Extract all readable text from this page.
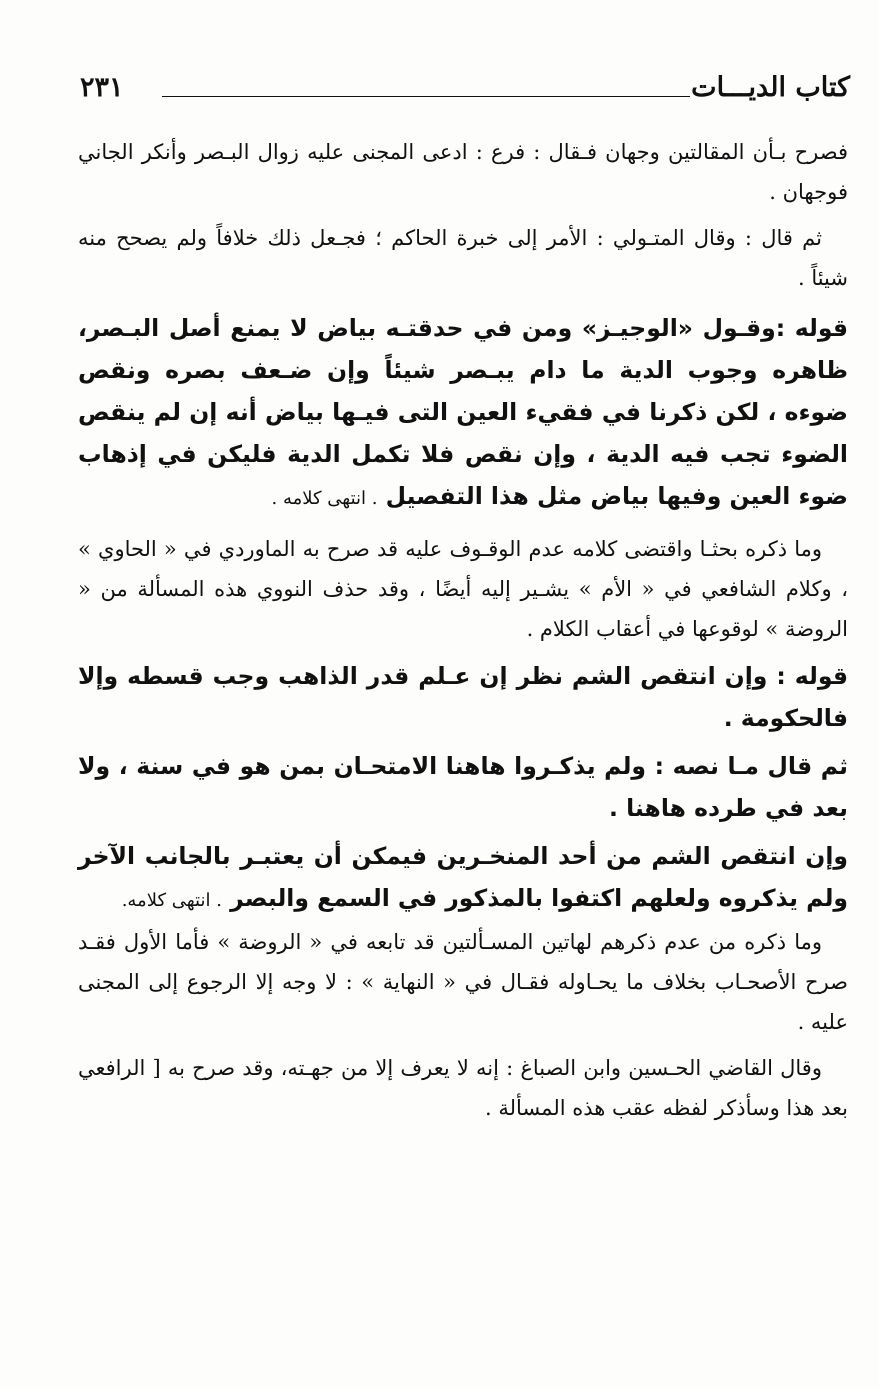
كتاب الديـــات
٢٣١

فصرح بـأن المقالتين وجهان فـقال : فرع : ادعى المجنى عليه زوال البـصر وأنكر الجاني فوجهان .

ثم قال : وقال المتـولي : الأمر إلى خبرة الحاكم ؛ فجـعل ذلك خلافاً ولم يصحح منه شيئاً .

قوله :وقـول «الوجيـز» ومن في حدقتـه بياض لا يمنع أصل البـصر، ظاهره وجوب الدية ما دام يبـصر شيئاً وإن ضـعف بصره ونقص ضوءه ، لكن ذكرنا في فقيء العين التى فيـها بياض أنه إن لم ينقص الضوء تجب فيه الدية ، وإن نقص فلا تكمل الدية فليكن في إذهاب ضوء العين وفيها بياض مثل هذا التفصيل . انتهى كلامه .

وما ذكره بحثـا واقتضى كلامه عدم الوقـوف عليه قد صرح به الماوردي في « الحاوي » ، وكلام الشافعي في « الأم » يشـير إليه أيضًا ، وقد حذف النووي هذه المسألة من « الروضة » لوقوعها في أعقاب الكلام .

قوله : وإن انتقص الشم نظر إن عـلم قدر الذاهب وجب قسطه وإلا فالحكومة .

ثم قال مـا نصه : ولم يذكـروا هاهنا الامتحـان بمن هو في سنة ، ولا بعد في طرده هاهنا .

وإن انتقص الشم من أحد المنخـرين فيمكن أن يعتبـر بالجانب الآخر ولم يذكروه ولعلهم اكتفوا بالمذكور في السمع والبصر . انتهى كلامه.

وما ذكره من عدم ذكرهم لهاتين المسـألتين قد تابعه في « الروضة » فأما الأول فقـد صرح الأصحـاب بخلاف ما يحـاوله فقـال في « النهاية » : لا وجه إلا الرجوع إلى المجنى عليه .

وقال القاضي الحـسين وابن الصباغ : إنه لا يعرف إلا من جهـته، وقد صرح به [ الرافعي بعد هذا وسأذكر لفظه عقب هذه المسألة .
